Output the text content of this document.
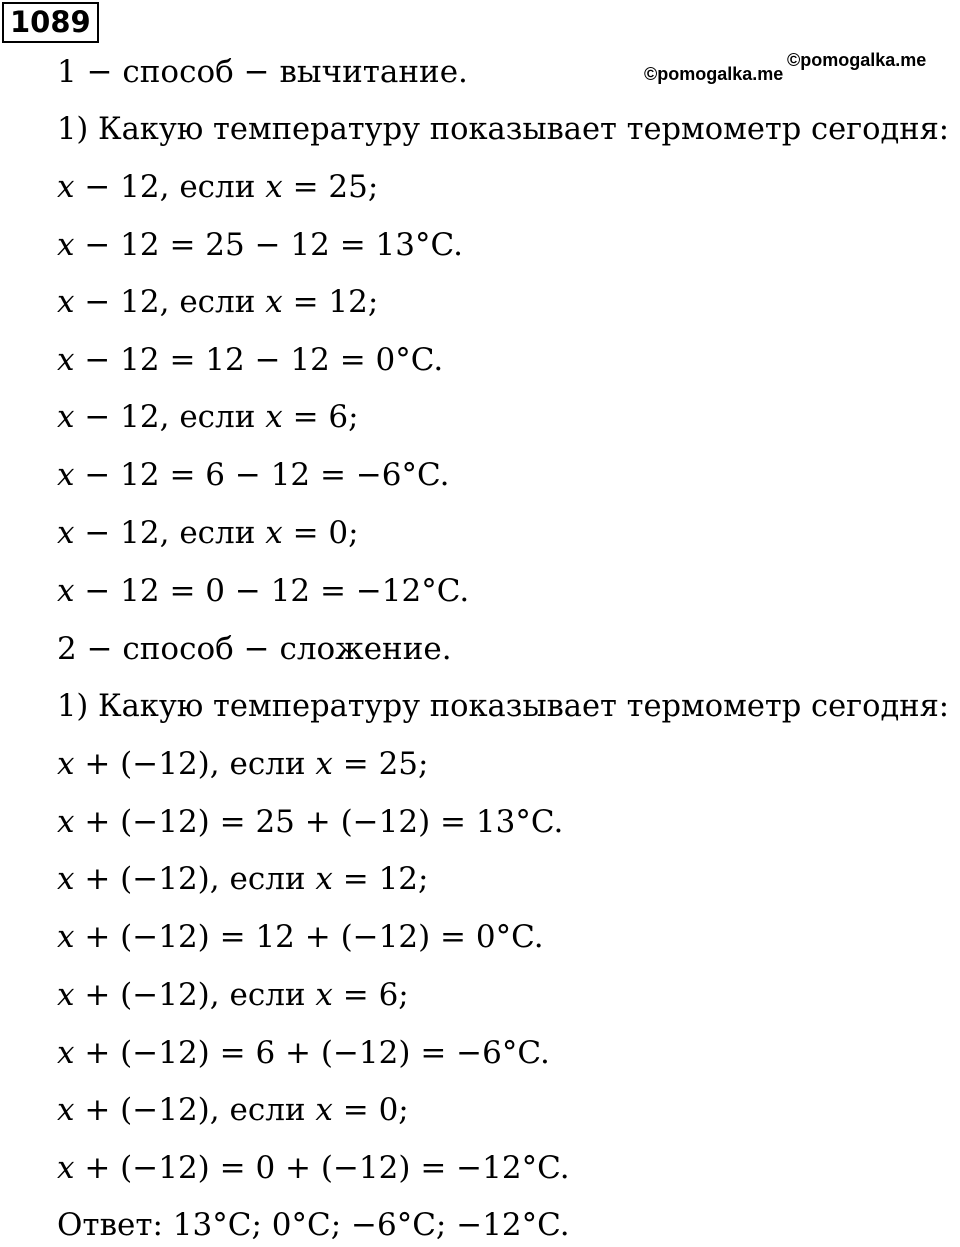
1089
©pomogalka.me
©pomogalka.me
1 − способ − вычитание.
1) Какую температуру показывает термометр сегодня:
𝑥 − 12, если 𝑥 = 25;
𝑥 − 12 = 25 − 12 = 13°C.
𝑥 − 12, если 𝑥 = 12;
𝑥 − 12 = 12 − 12 = 0°C.
𝑥 − 12, если 𝑥 = 6;
𝑥 − 12 = 6 − 12 = −6°C.
𝑥 − 12, если 𝑥 = 0;
𝑥 − 12 = 0 − 12 = −12°C.
2 − способ − сложение.
1) Какую температуру показывает термометр сегодня:
𝑥 + (−12), если 𝑥 = 25;
𝑥 + (−12) = 25 + (−12) = 13°C.
𝑥 + (−12), если 𝑥 = 12;
𝑥 + (−12) = 12 + (−12) = 0°C.
𝑥 + (−12), если 𝑥 = 6;
𝑥 + (−12) = 6 + (−12) = −6°C.
𝑥 + (−12), если 𝑥 = 0;
𝑥 + (−12) = 0 + (−12) = −12°C.
Ответ: 13°C; 0°C; −6°C; −12°C.
